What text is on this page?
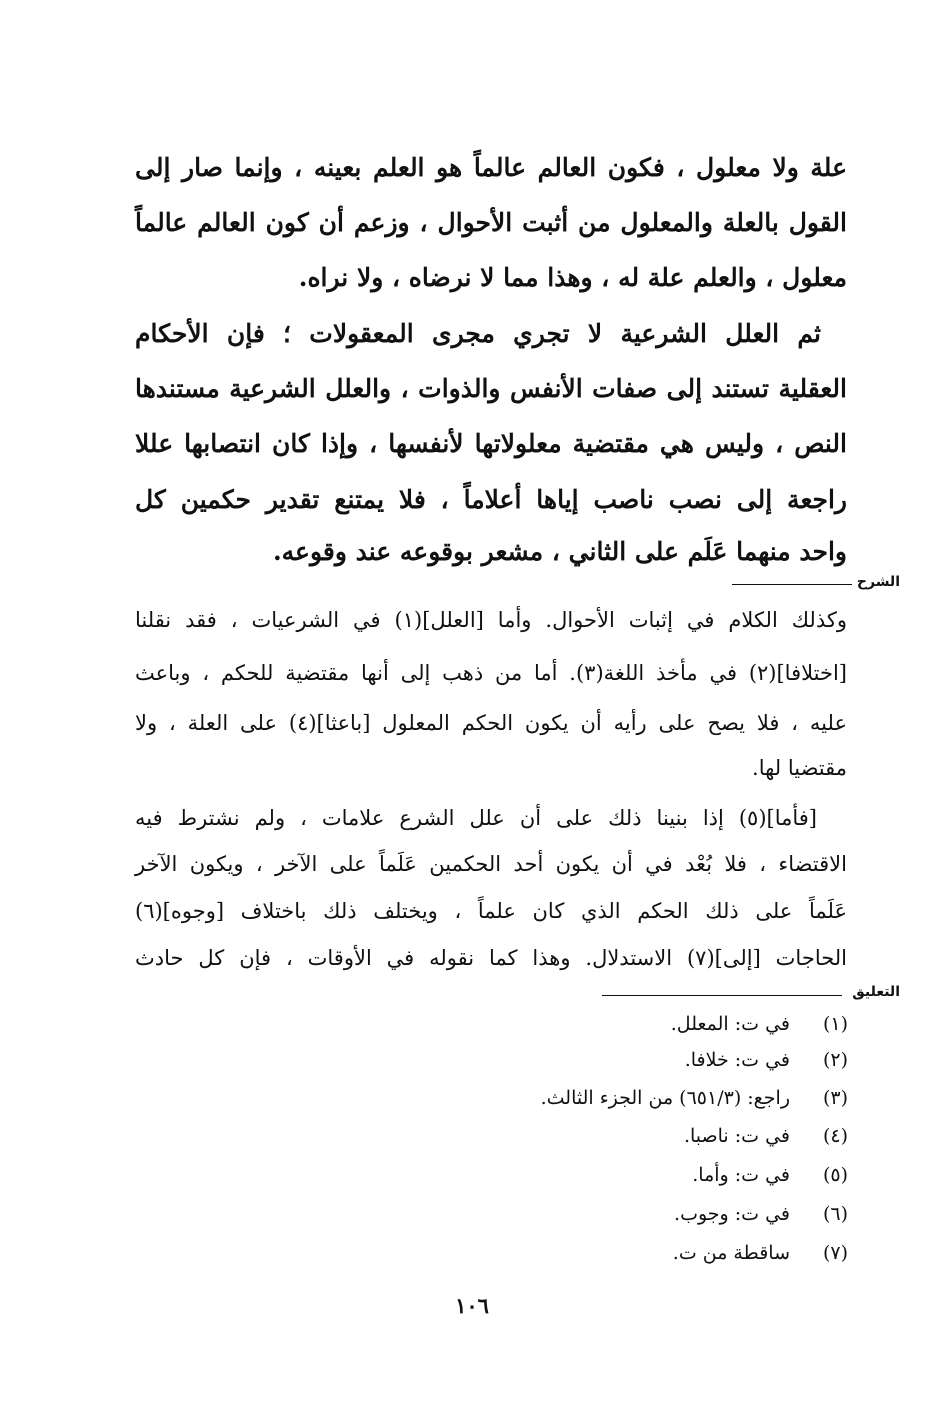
علة ولا معلول ، فكون العالم عالماً هو العلم بعينه ، وإنما صار إلى
القول بالعلة والمعلول من أثبت الأحوال ، وزعم أن كون العالم عالماً
معلول ، والعلم علة له ، وهذا مما لا نرضاه ، ولا نراه.
ثم العلل الشرعية لا تجري مجرى المعقولات ؛ فإن الأحكام
العقلية تستند إلى صفات الأنفس والذوات ، والعلل الشرعية مستندها
النص ، وليس هي مقتضية معلولاتها لأنفسها ، وإذا كان انتصابها عللا
راجعة إلى نصب ناصب إياها أعلاماً ، فلا يمتنع تقدير حكمين كل
واحد منهما عَلَم على الثاني ، مشعر بوقوعه عند وقوعه.
الشرح
وكذلك الكلام في إثبات الأحوال. وأما [العلل](١) في الشرعيات ، فقد نقلنا
[اختلافا](٢) في مأخذ اللغة(٣). أما من ذهب إلى أنها مقتضية للحكم ، وباعث
عليه ، فلا يصح على رأيه أن يكون الحكم المعلول [باعثا](٤) على العلة ، ولا
مقتضيا لها.
[فأما](٥) إذا بنينا ذلك على أن علل الشرع علامات ، ولم نشترط فيه
الاقتضاء ، فلا بُعْد في أن يكون أحد الحكمين عَلَماً على الآخر ، ويكون الآخر
عَلَماً على ذلك الحكم الذي كان علماً ، ويختلف ذلك باختلاف [وجوه](٦)
الحاجات [إلى](٧) الاستدلال. وهذا كما نقوله في الأوقات ، فإن كل حادث
التعليق
(١)في ت: المعلل.
(٢)في ت: خلافا.
(٣)راجع: (٦٥١/٣) من الجزء الثالث.
(٤)في ت: ناصبا.
(٥)في ت: وأما.
(٦)في ت: وجوب.
(٧)ساقطة من ت.
١٠٦
